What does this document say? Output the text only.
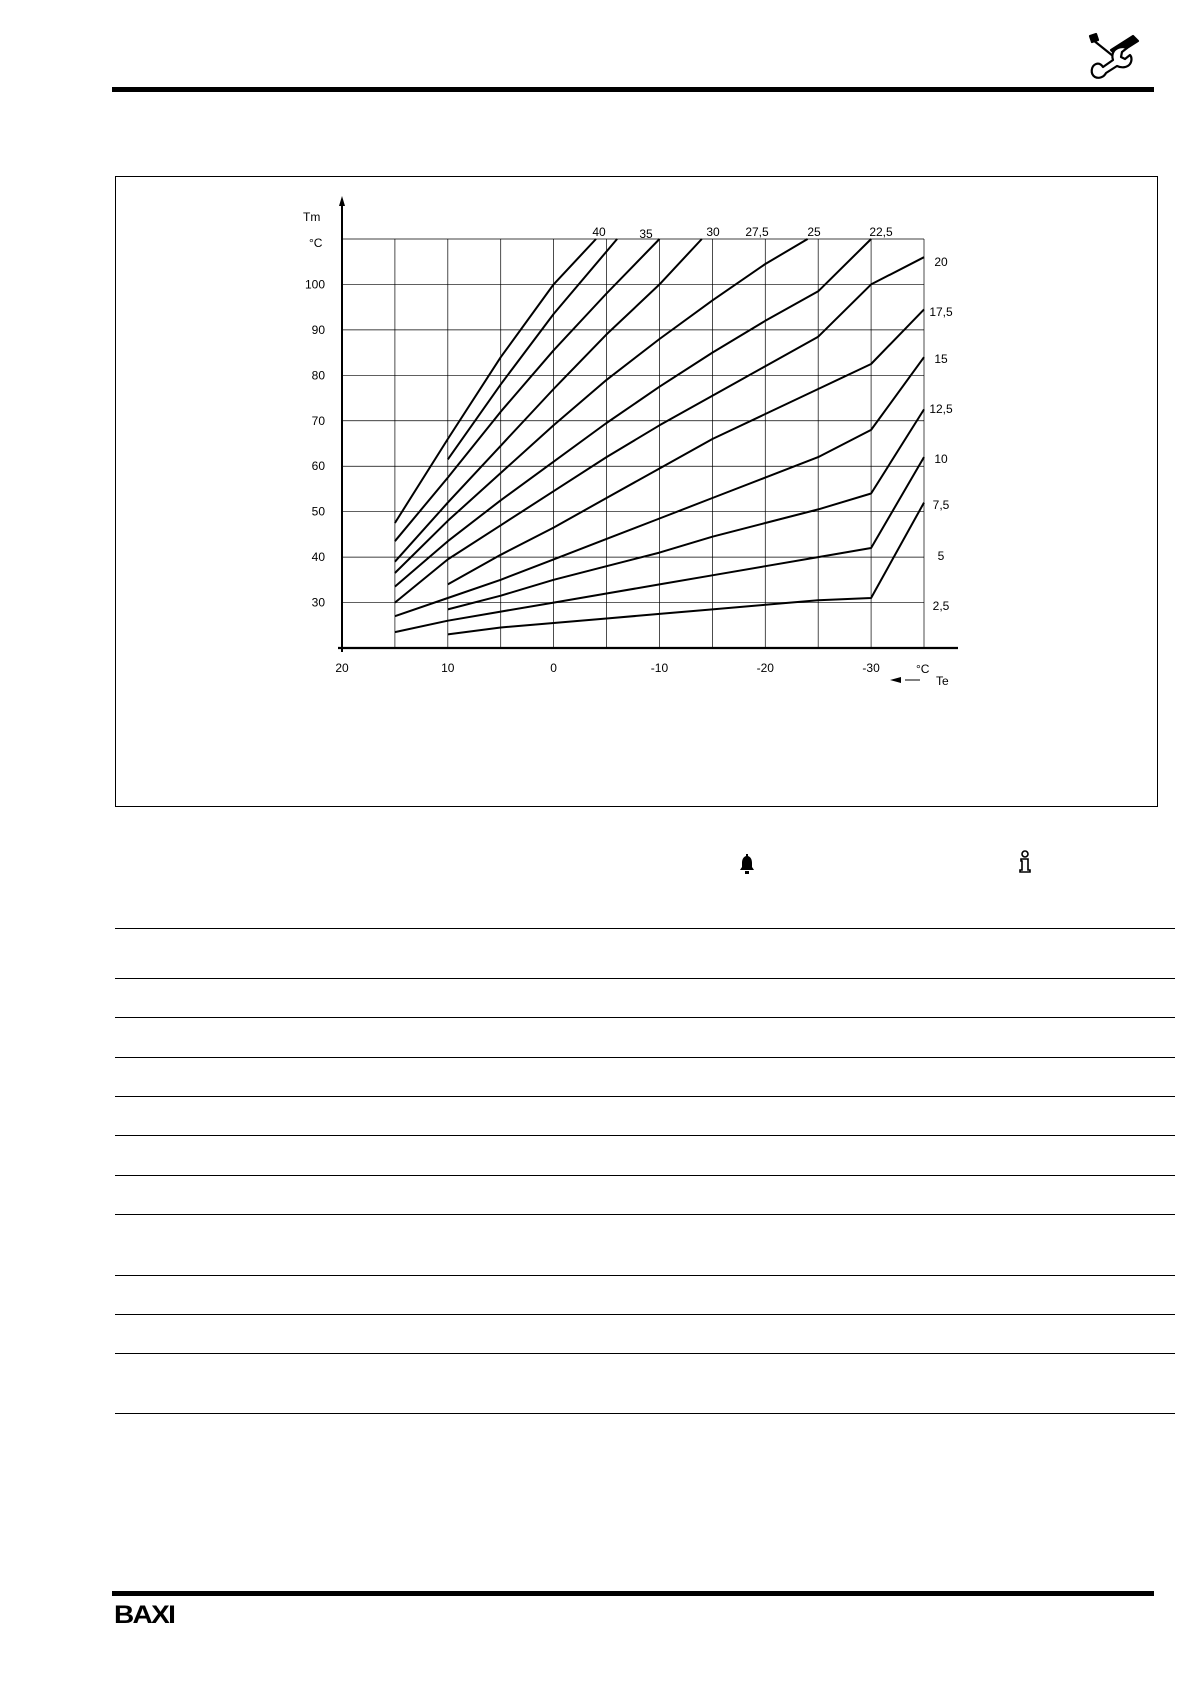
20	10	0	-10	-20	-30
30
40
50
60
70
80
90
100
40	35	30 27,5	25	22,5
20
17,5
15
12,5
10
7,5
5
2,5
Tm
°C
°C
Te
BAXI
